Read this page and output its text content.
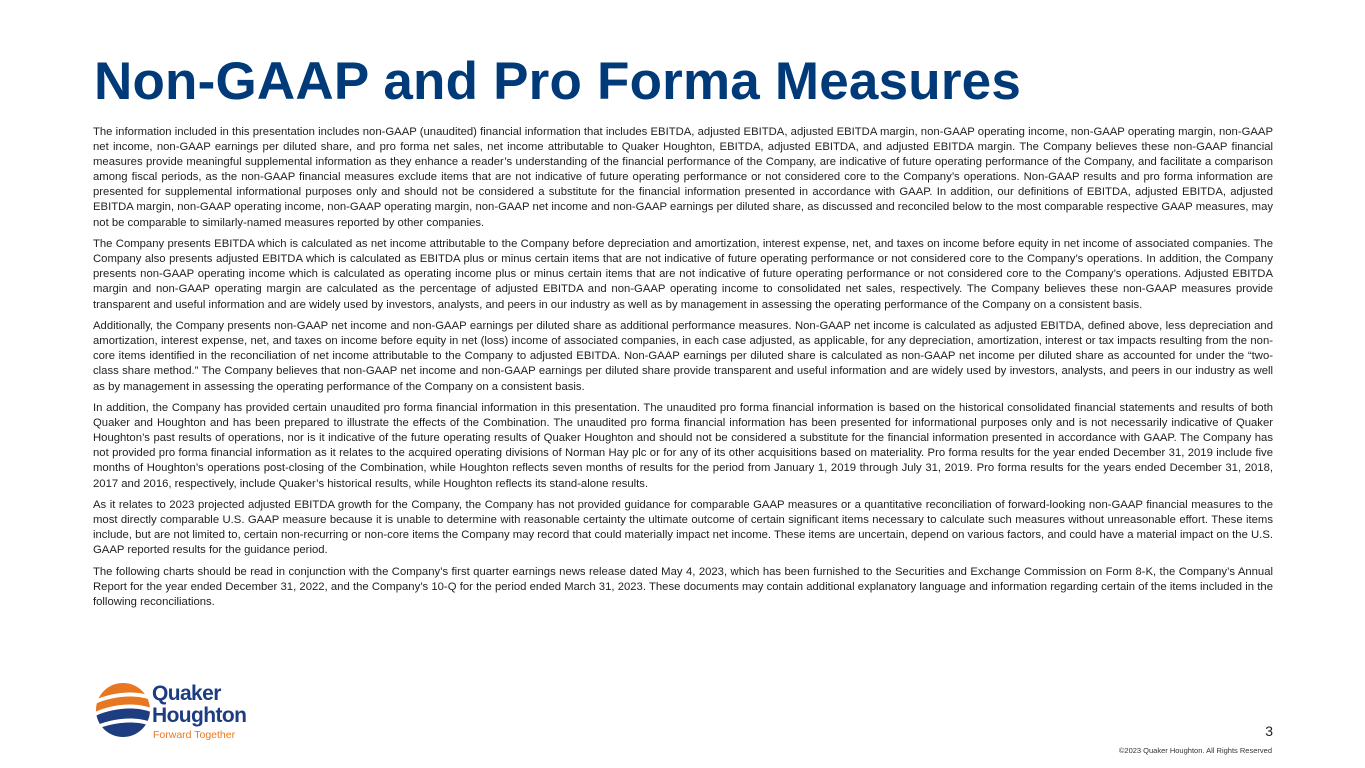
Non-GAAP and Pro Forma Measures

The information included in this presentation includes non-GAAP (unaudited) financial information that includes EBITDA, adjusted EBITDA, adjusted EBITDA margin, non-GAAP operating income, non-GAAP operating margin, non-GAAP net income, non-GAAP earnings per diluted share, and pro forma net sales, net income attributable to Quaker Houghton, EBITDA, adjusted EBITDA, and adjusted EBITDA margin. The Company believes these non-GAAP financial measures provide meaningful supplemental information as they enhance a reader’s understanding of the financial performance of the Company, are indicative of future operating performance of the Company, and facilitate a comparison among fiscal periods, as the non-GAAP financial measures exclude items that are not indicative of future operating performance or not considered core to the Company’s operations. Non-GAAP results and pro forma information are presented for supplemental informational purposes only and should not be considered a substitute for the financial information presented in accordance with GAAP. In addition, our definitions of EBITDA, adjusted EBITDA, adjusted EBITDA margin, non-GAAP operating income, non-GAAP operating margin, non-GAAP net income and non-GAAP earnings per diluted share, as discussed and reconciled below to the most comparable respective GAAP measures, may not be comparable to similarly-named measures reported by other companies.

The Company presents EBITDA which is calculated as net income attributable to the Company before depreciation and amortization, interest expense, net, and taxes on income before equity in net income of associated companies. The Company also presents adjusted EBITDA which is calculated as EBITDA plus or minus certain items that are not indicative of future operating performance or not considered core to the Company’s operations. In addition, the Company presents non-GAAP operating income which is calculated as operating income plus or minus certain items that are not indicative of future operating performance or not considered core to the Company’s operations. Adjusted EBITDA margin and non-GAAP operating margin are calculated as the percentage of adjusted EBITDA and non-GAAP operating income to consolidated net sales, respectively. The Company believes these non-GAAP measures provide transparent and useful information and are widely used by investors, analysts, and peers in our industry as well as by management in assessing the operating performance of the Company on a consistent basis.

Additionally, the Company presents non-GAAP net income and non-GAAP earnings per diluted share as additional performance measures. Non-GAAP net income is calculated as adjusted EBITDA, defined above, less depreciation and amortization, interest expense, net, and taxes on income before equity in net (loss) income of associated companies, in each case adjusted, as applicable, for any depreciation, amortization, interest or tax impacts resulting from the non-core items identified in the reconciliation of net income attributable to the Company to adjusted EBITDA. Non-GAAP earnings per diluted share is calculated as non-GAAP net income per diluted share as accounted for under the “two-class share method.” The Company believes that non-GAAP net income and non-GAAP earnings per diluted share provide transparent and useful information and are widely used by investors, analysts, and peers in our industry as well as by management in assessing the operating performance of the Company on a consistent basis.

In addition, the Company has provided certain unaudited pro forma financial information in this presentation. The unaudited pro forma financial information is based on the historical consolidated financial statements and results of both Quaker and Houghton and has been prepared to illustrate the effects of the Combination. The unaudited pro forma financial information has been presented for informational purposes only and is not necessarily indicative of Quaker Houghton’s past results of operations, nor is it indicative of the future operating results of Quaker Houghton and should not be considered a substitute for the financial information presented in accordance with GAAP. The Company has not provided pro forma financial information as it relates to the acquired operating divisions of Norman Hay plc or for any of its other acquisitions based on materiality. Pro forma results for the year ended December 31, 2019 include five months of Houghton’s operations post-closing of the Combination, while Houghton reflects seven months of results for the period from January 1, 2019 through July 31, 2019. Pro forma results for the years ended December 31, 2018, 2017 and 2016, respectively, include Quaker’s historical results, while Houghton reflects its stand-alone results.

As it relates to 2023 projected adjusted EBITDA growth for the Company, the Company has not provided guidance for comparable GAAP measures or a quantitative reconciliation of forward-looking non-GAAP financial measures to the most directly comparable U.S. GAAP measure because it is unable to determine with reasonable certainty the ultimate outcome of certain significant items necessary to calculate such measures without unreasonable effort. These items include, but are not limited to, certain non-recurring or non-core items the Company may record that could materially impact net income. These items are uncertain, depend on various factors, and could have a material impact on the U.S. GAAP reported results for the guidance period.

The following charts should be read in conjunction with the Company’s first quarter earnings news release dated May 4, 2023, which has been furnished to the Securities and Exchange Commission on Form 8-K, the Company’s Annual Report for the year ended December 31, 2022, and the Company’s 10-Q for the period ended March 31, 2023. These documents may contain additional explanatory language and information regarding certain of the items included in the following reconciliations.

Quaker
Houghton
Forward Together	3
©2023 Quaker Houghton. All Rights Reserved
